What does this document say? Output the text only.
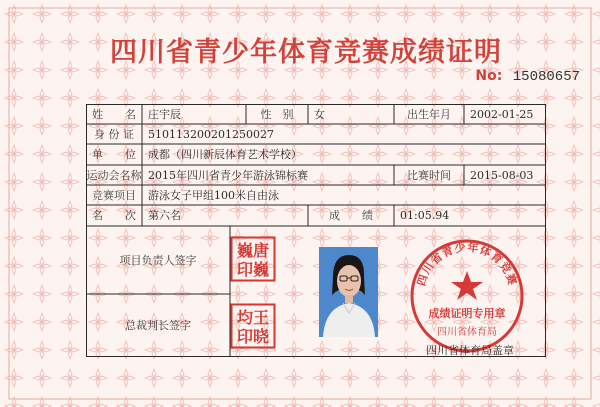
四川省青少年体育竞赛成绩证明
No: 15080657
姓　　名	庄宇辰	性　别	女	出生年月	2002-01-25
身 份 证	510113200201250027
单　　位	成都（四川新辰体育艺术学校）
运动会名称 2015年四川省青少年游泳锦标赛	比赛时间	2015-08-03
竞赛项目	游泳女子甲组100米自由泳
名　　次	第六名	成　　绩	01:05.94
项目负责人签字
总裁判长签字
巍唐
印巍
均王
印晓
四川省青少年体育竞赛
成绩证明专用章
四川省体育局
四川省体育局盖章
